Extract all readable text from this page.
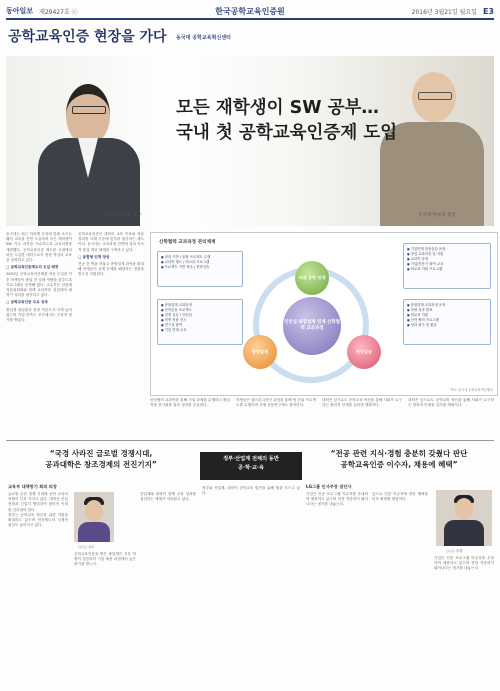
동아일보 제29427호 ⓒ	한국공학교육인증원	2016년 3월21일 월요일 E3
공학교육인증 현장을 가다 동국대 공학교육혁신센터
모든 재학생이 SW 공부…
국내 첫 공학교육인증제 도입
동국대 이강우 교수	동국대 한보성 총장

동국대는 최근 학과별 특성에 맞춘 소프트웨어 교육을 전면 도입하며 모든 재학생이 SW 기초 과목을 이수하도록 교육과정을 개편했다. 공학교육인증 제도를 국내에서 처음 도입한 대학으로서 현장 중심의 교육을 강화하고 있다.

□ 공학교육인증제도의 도입 배경

2001년 공학교육인증제를 처음 도입한 이후 학생들이 졸업 전 설계 역량을 갖추도록 프로그램을 운영해 왔다. 교수진은 산업체 자문위원회와 함께 교과목을 점검하며 매 학기 성과를 평가하고 있다.

□ 공학교육인증 주요 성과

졸업생 취업률과 현장 적응도가 크게 높아졌으며 기업 만족도 조사에서도 긍정적 평가를 받았다.

공학교육인증은 대학의 교육 목표와 학습 성과를 국제 기준에 맞추어 평가하는 제도이다. 동국대는 교육과정 전반에 걸쳐 지속적 품질 개선 체계를 구축하고 있다.

□ 융합형 인재 양성

전공 간 벽을 허물고 종합설계 과목을 확대해 학생들이 실제 문제를 해결하는 경험을 쌓도록 지원한다.

산학협력 교과과정 관리체계
● 창의 기반 / 융합 프로젝트 수행
● 교과목 제도 / 비교과 프로그램
● 프로젝트 기반 학습 / 현장실습
● 종합설계 교과과정
● 산학공동 프로젝트
● 현장 실습 / 인턴십
● 학생 작품 전시
● 연구실 참여
● 기업 연계 교육
인턴십·종합설계 연계 산학협력 교과과정
미래 공학 인재
종합설계	현장실습
● 기업연계 현장실습 운영
● 창업 교과과정 및 지원
● 교과목 운영
● 기업/전문가 참여 교육
● 비교과 지원 프로그램
● 종합설계 교과과정 운영
● 학생 성과 발표
● 비교과 지원
● 산학 협력 프로그램
● 성과 평가 및 환류
자료: 동국대 공학교육혁신센터

산학협력 교과목을 통해 기업 과제를 수행하고 졸업 작품 전시회를 열어 성과를 공유한다.

학생들은 캡스톤디자인 과정을 통해 팀 단위 프로젝트를 수행하며 국제 공동연구에도 참여한다.

대학은 앞으로도 공학교육 혁신을 통해 사회가 요구하는 창의적 인재를 길러낼 계획이다.

대학은 앞으로도 공학교육 혁신을 통해 사회가 요구하는 창의적 인재를 길러낼 계획이다.

“국경 사라진 글로벌 경쟁시대,
공과대학은 창조경제의 전진기지”
교육부 대책방기 회의 의장

글로벌 무한 경쟁 시대에 공학 교육의 역할이 더욱 커지고 있다. 대학은 산업 현장과 긴밀히 협력하여 창의적 인재를 길러내야 한다.

정부는 공학교육 혁신을 위한 지원을 확대하고 있으며 인증제도의 국제적 위상도 높아지고 있다.

○○○ 교수

공학교육인증을 받은 졸업생은 기본 역량이 검증되어 기업 채용 과정에서 높은 평가를 받는다.

산업계와 대학이 함께 교육 성과를 점검하는 체계가 자리잡고 있다.

정부·산업계 전체의 동반
공·학·교·육

정부와 산업계, 대학이 공학교육 발전을 위해 힘을 모으고 있다.

“전공 관련 지식·경험 충분히 갖췄다 판단
공학교육인증 이수자, 채용에 혜택”
LG그룹 인사부장 겸인사

기업은 인증 프로그램 이수자를 우대하여 채용하고 있으며 현장 적응력이 뛰어나다는 평가를 내놓는다.

앞으로 인증 이수자에 대한 혜택을 더욱 확대할 방침이다.

○○○ 부장

기업은 인증 프로그램 이수자를 우대하여 채용하고 있으며 현장 적응력이 뛰어나다는 평가를 내놓는다.
